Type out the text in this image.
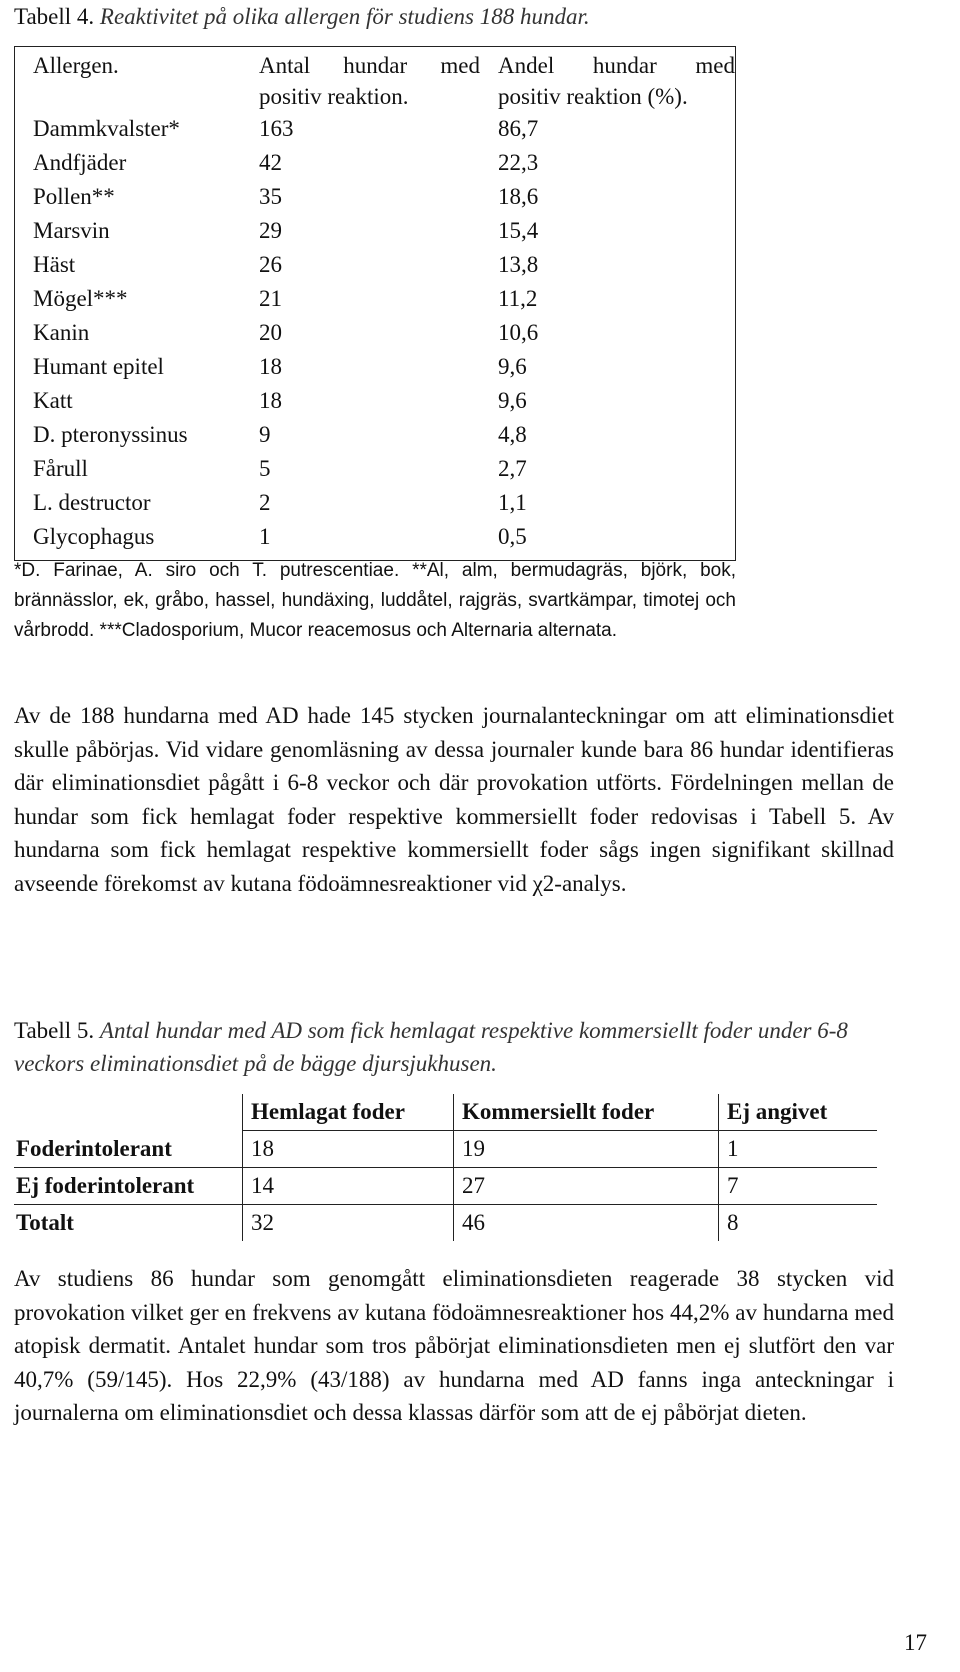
Tabell 4. Reaktivitet på olika allergen för studiens 188 hundar.
Allergen.	Antal hundar med positiv reaktion.	Andel hundar med positiv reaktion (%).
Dammkvalster*	163	86,7
Andfjäder	42	22,3
Pollen**	35	18,6
Marsvin	29	15,4
Häst	26	13,8
Mögel***	21	11,2
Kanin	20	10,6
Humant epitel	18	9,6
Katt	18	9,6
D. pteronyssinus	9	4,8
Fårull	5	2,7
L. destructor	2	1,1
Glycophagus	1	0,5
*D. Farinae, A. siro och T. putrescentiae. **Al, alm, bermudagräs, björk, bok, brännässlor, ek, gråbo, hassel, hundäxing, luddåtel, rajgräs, svartkämpar, timotej och vårbrodd. ***Cladosporium, Mucor reacemosus och Alternaria alternata.

Av de 188 hundarna med AD hade 145 stycken journalanteckningar om att eliminationsdiet skulle påbörjas. Vid vidare genomläsning av dessa journaler kunde bara 86 hundar identifieras där eliminationsdiet pågått i 6-8 veckor och där provokation utförts. Fördelningen mellan de hundar som fick hemlagat foder respektive kommersiellt foder redovisas i Tabell 5. Av hundarna som fick hemlagat respektive kommersiellt foder sågs ingen signifikant skillnad avseende förekomst av kutana födoämnesreaktioner vid χ2-analys.

Tabell 5. Antal hundar med AD som fick hemlagat respektive kommersiellt foder under 6-8 veckors eliminationsdiet på de bägge djursjukhusen.
	Hemlagat foder	Kommersiellt foder	Ej angivet
Foderintolerant	18	19	1
Ej foderintolerant	14	27	7
Totalt	32	46	8

Av studiens 86 hundar som genomgått eliminationsdieten reagerade 38 stycken vid provokation vilket ger en frekvens av kutana födoämnesreaktioner hos 44,2% av hundarna med atopisk dermatit. Antalet hundar som tros påbörjat eliminationsdieten men ej slutfört den var 40,7% (59/145). Hos 22,9% (43/188) av hundarna med AD fanns inga anteckningar i journalerna om eliminationsdiet och dessa klassas därför som att de ej påbörjat dieten.

17
